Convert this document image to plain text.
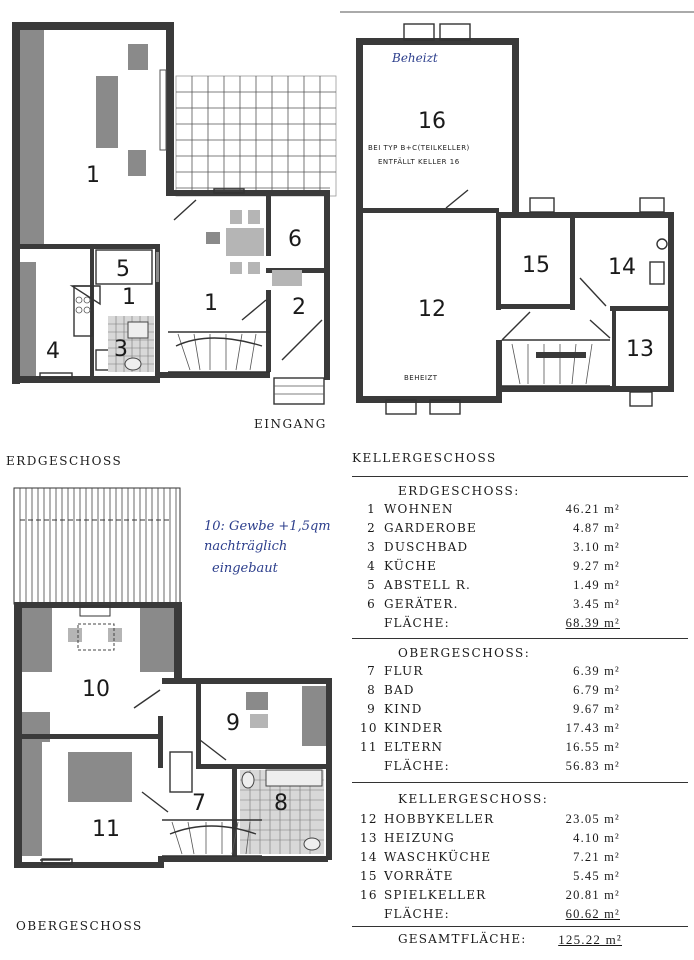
1
1
6
5
1	2
4 3
16
12
15	14
13
Beheizt
BEI TYP B+C(TEILKELLER)
ENTFÄLLT KELLER 16
BEHEIZT
10
9
11
7	8
10: Gewbe +1,5qm
nachträglich
eingebaut
EINGANG
ERDGESCHOSS	KELLERGESCHOSS
OBERGESCHOSS
ERDGESCHOSS:
1 WOHNEN	46.21 m²
2 GARDEROBE	4.87 m²
3 DUSCHBAD	3.10 m²
4 KÜCHE	9.27 m²
5 ABSTELL R.	1.49 m²
6 GERÄTER.	3.45 m²
FLÄCHE:	68.39 m²
OBERGESCHOSS:
7 FLUR	6.39 m²
8 BAD	6.79 m²
9 KIND	9.67 m²
10 KINDER	17.43 m²
11 ELTERN	16.55 m²
FLÄCHE:	56.83 m²
KELLERGESCHOSS:
12 HOBBYKELLER	23.05 m²
13 HEIZUNG	4.10 m²
14 WASCHKÜCHE	7.21 m²
15 VORRÄTE	5.45 m²
16 SPIELKELLER	20.81 m²
FLÄCHE:	60.62 m²
GESAMTFLÄCHE:	125.22 m²
